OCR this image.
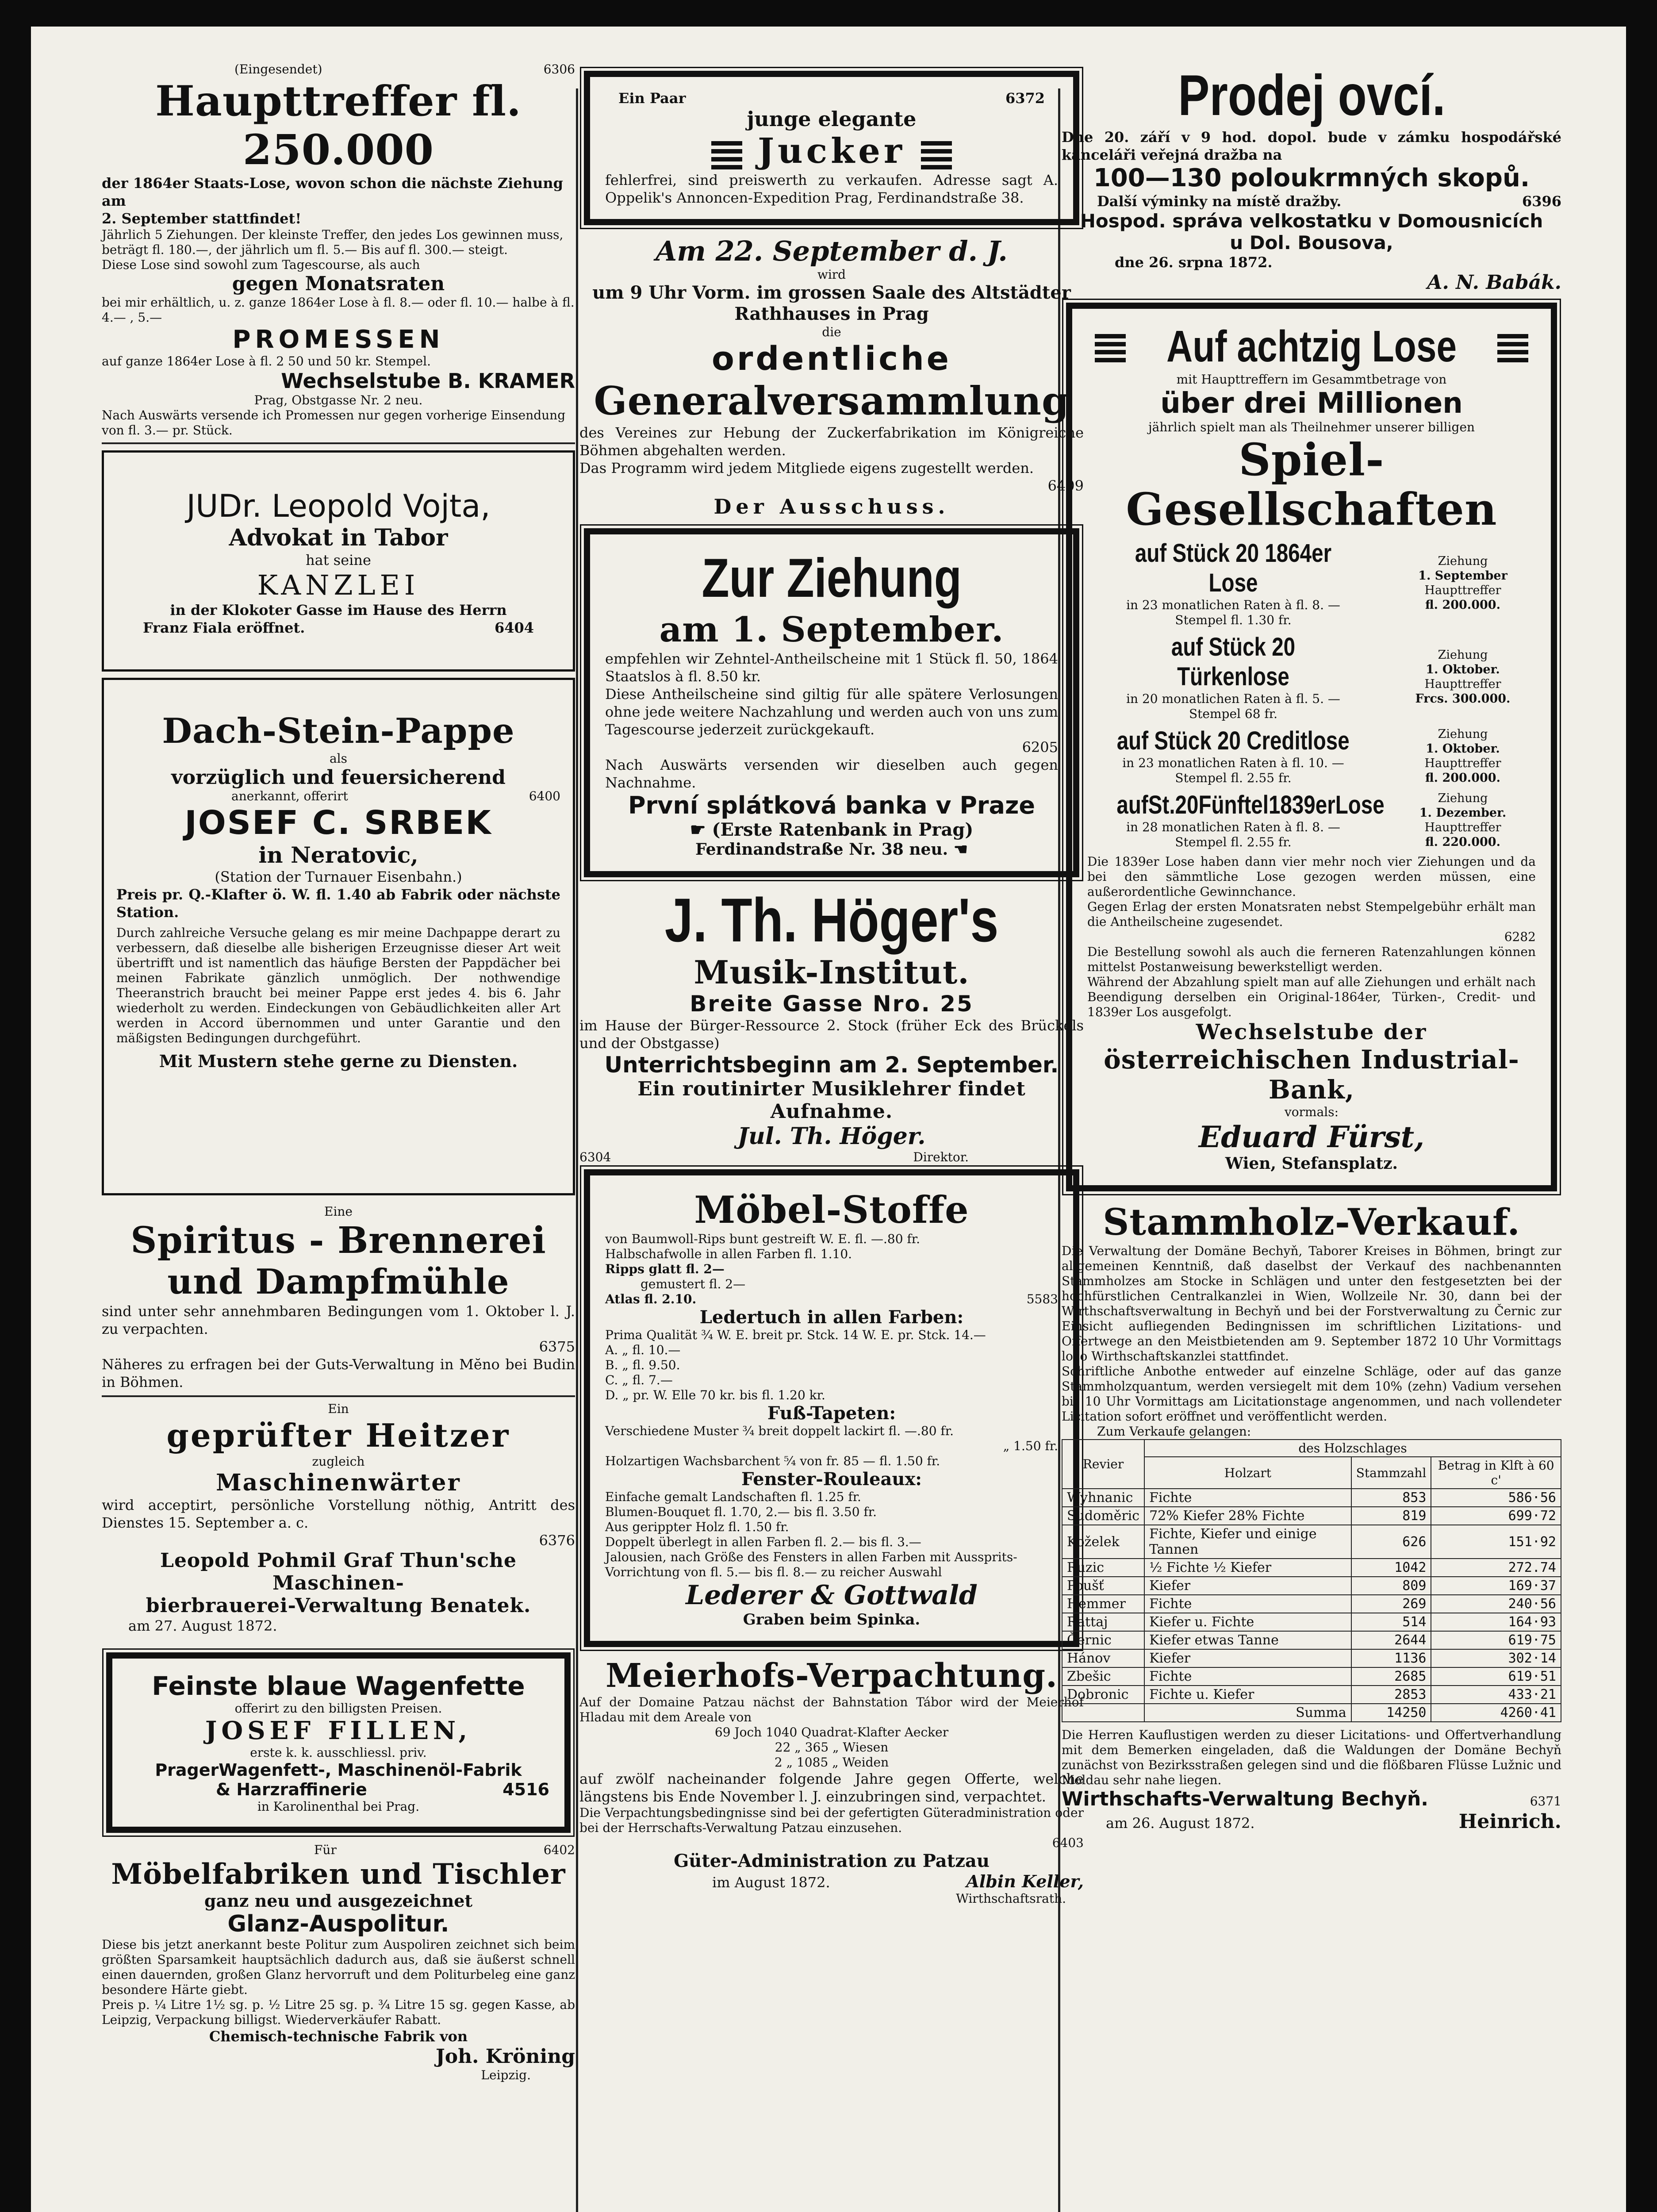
(Eingesendet)	6306
Haupttreffer fl. 250.000
der 1864er Staats-Lose, wovon schon die nächste Ziehung am
2. September stattfindet!
Jährlich 5 Ziehungen. Der kleinste Treffer, den jedes Los gewinnen muss, beträgt fl. 180.—, der jährlich um fl. 5.— Bis auf fl. 300.— steigt.
Diese Lose sind sowohl zum Tagescourse, als auch
gegen Monatsraten
bei mir erhältlich, u. z. ganze 1864er Lose à fl. 8.— oder fl. 10.— halbe à fl. 4.— , 5.—
PROMESSEN
auf ganze 1864er Lose à fl. 2 50 und 50 kr. Stempel.
Wechselstube B. KRAMER
Prag, Obstgasse Nr. 2 neu.
Nach Auswärts versende ich Promessen nur gegen vorherige Einsendung von fl. 3.— pr. Stück.
JUDr. Leopold Vojta,
Advokat in Tabor
hat seine
KANZLEI
in der Klokoter Gasse im Hause des Herrn
Franz Fiala eröffnet.	6404
Dach-Stein-Pappe
als
vorzüglich und feuersicherend
anerkannt, offerirt	6400
JOSEF C. SRBEK
in Neratovic,
(Station der Turnauer Eisenbahn.)
Preis pr. Q.-Klafter ö. W. fl. 1.40 ab Fabrik oder nächste Station.
Durch zahlreiche Versuche gelang es mir meine Dachpappe derart zu verbessern, daß dieselbe alle bisherigen Erzeugnisse dieser Art weit übertrifft und ist namentlich das häufige Bersten der Pappdächer bei meinen Fabrikate gänzlich unmöglich. Der nothwendige Theeranstrich braucht bei meiner Pappe erst jedes 4. bis 6. Jahr wiederholt zu werden. Eindeckungen von Gebäudlichkeiten aller Art werden in Accord übernommen und unter Garantie und den mäßigsten Bedingungen durchgeführt.
Mit Mustern stehe gerne zu Diensten.
Eine
Spiritus - Brennerei
und Dampfmühle
sind unter sehr annehmbaren Bedingungen vom 1. Oktober l. J. zu verpachten.
6375
Näheres zu erfragen bei der Guts-Verwaltung in Mĕno bei Budin in Böhmen.
Ein
geprüfter Heitzer
zugleich
Maschinenwärter
wird acceptirt, persönliche Vorstellung nöthig, Antritt des Dienstes 15. September a. c.
6376
Leopold Pohmil Graf Thun'sche Maschinen-
bierbrauerei-Verwaltung Benatek.
am 27. August 1872.
Feinste blaue Wagenfette
offerirt zu den billigsten Preisen.
JOSEF FILLEN,
erste k. k. ausschliessl. priv.
PragerWagenfett-, Maschinenöl-Fabrik
& Harzraffinerie	4516
in Karolinenthal bei Prag.
Für	6402
Möbelfabriken und Tischler
ganz neu und ausgezeichnet
Glanz-Auspolitur.
Diese bis jetzt anerkannt beste Politur zum Auspoliren zeichnet sich beim größten Sparsamkeit hauptsächlich dadurch aus, daß sie äußerst schnell einen dauernden, großen Glanz hervorruft und dem Politurbeleg eine ganz besondere Härte giebt.
Preis p. ¼ Litre 1½ sg. p. ½ Litre 25 sg. p. ¾ Litre 15 sg. gegen Kasse, ab Leipzig, Verpackung billigst. Wiederverkäufer Rabatt.
Chemisch-technische Fabrik von
Joh. Kröning
Leipzig.
Ein Paar	6372
junge elegante
Jucker
fehlerfrei, sind preiswerth zu verkaufen. Adresse sagt A. Oppelik's Annoncen-Expedition Prag, Ferdinandstraße 38.
Am 22. September d. J.
wird
um 9 Uhr Vorm. im grossen Saale des Altstädter Rathhauses in Prag
die
ordentliche
Generalversammlung
des Vereines zur Hebung der Zuckerfabrikation im Königreiche Böhmen abgehalten werden.
Das Programm wird jedem Mitgliede eigens zugestellt werden.
6409
Der Ausschuss.
Zur Ziehung
am 1. September.
empfehlen wir Zehntel-Antheilscheine mit 1 Stück fl. 50, 1864 Staatslos à fl. 8.50 kr.
Diese Antheilscheine sind giltig für alle spätere Verlosungen ohne jede weitere Nachzahlung und werden auch von uns zum Tagescourse jederzeit zurückgekauft.
6205
Nach Auswärts versenden wir dieselben auch gegen Nachnahme.
První splátková banka v Praze
☛ (Erste Ratenbank in Prag)
Ferdinandstraße Nr. 38 neu. ☚
J. Th. Höger's
Musik-Institut.
Breite Gasse Nro. 25
im Hause der Bürger-Ressource 2. Stock (früher Eck des Brückels und der Obstgasse)
Unterrichtsbeginn am 2. September.
Ein routinirter Musiklehrer findet Aufnahme.
Jul. Th. Höger.
6304	Direktor.
Möbel-Stoffe
von Baumwoll-Rips bunt gestreift W. E. fl. —.80 fr.
Halbschafwolle in allen Farben fl. 1.10.
Ripps glatt fl. 2—
gemustert fl. 2—
Atlas fl. 2.10.	5583
Ledertuch in allen Farben:
Prima Qualität ¾ W. E. breit pr. Stck. 14 W. E. pr. Stck. 14.—
A. „ fl. 10.—
B. „ fl. 9.50.
C. „ fl. 7.—
D. „ pr. W. Elle 70 kr. bis fl. 1.20 kr.
Fuß-Tapeten:
Verschiedene Muster ¾ breit doppelt lackirt fl. —.80 fr.
„ 1.50 fr.
Holzartigen Wachsbarchent ⁵⁄₄ von fr. 85 — fl. 1.50 fr.
Fenster-Rouleaux:
Einfache gemalt Landschaften fl. 1.25 fr.
Blumen-Bouquet fl. 1.70, 2.— bis fl. 3.50 fr.
Aus gerippter Holz fl. 1.50 fr.
Doppelt überlegt in allen Farben fl. 2.— bis fl. 3.—
Jalousien, nach Größe des Fensters in allen Farben mit Aussprits-Vorrichtung von fl. 5.— bis fl. 8.— zu reicher Auswahl
Lederer & Gottwald
Graben beim Spinka.
Meierhofs-Verpachtung.
Auf der Domaine Patzau nächst der Bahnstation Tábor wird der Meierhof Hladau mit dem Areale von
69 Joch 1040 Quadrat-Klafter Aecker
22 „ 365 „ Wiesen
2 „ 1085 „ Weiden
auf zwölf nacheinander folgende Jahre gegen Offerte, welche längstens bis Ende November l. J. einzubringen sind, verpachtet.
Die Verpachtungsbedingnisse sind bei der gefertigten Güteradministration oder bei der Herrschafts-Verwaltung Patzau einzusehen.
6403
Güter-Administration zu Patzau
im August 1872.	Albin Keller,
Wirthschaftsrath.
Prodej ovcí.
Dne 20. září v 9 hod. dopol. bude v zámku hospodářské kanceláři veřejná dražba na
100—130 poloukrmných skopů.
Další výminky na místě dražby.	6396
Hospod. správa velkostatku v Domousnicích
u Dol. Bousova,
dne 26. srpna 1872.
A. N. Babák.
Auf achtzig Lose
mit Haupttreffern im Gesammtbetrage von
über drei Millionen
jährlich spielt man als Theilnehmer unserer billigen
Spiel-
Gesellschaften
auf Stück 20 1864er Lose
in 23 monatlichen Raten à fl. 8. —
Stempel fl. 1.30 fr.
Ziehung
1. September
Haupttreffer
fl. 200.000.
auf Stück 20 Türkenlose
in 20 monatlichen Raten à fl. 5. —
Stempel 68 fr.
Ziehung
1. Oktober.
Haupttreffer
Frcs. 300.000.
auf Stück 20 Creditlose
in 23 monatlichen Raten à fl. 10. —
Stempel fl. 2.55 fr.
Ziehung
1. Oktober.
Haupttreffer
fl. 200.000.
aufSt.20Fünftel1839erLose
in 28 monatlichen Raten à fl. 8. —
Stempel fl. 2.55 fr.
Ziehung
1. Dezember.
Haupttreffer
fl. 220.000.
Die 1839er Lose haben dann vier mehr noch vier Ziehungen und da bei den sämmtliche Lose gezogen werden müssen, eine außerordentliche Gewinnchance.
Gegen Erlag der ersten Monatsraten nebst Stempelgebühr erhält man die Antheilscheine zugesendet.
6282
Die Bestellung sowohl als auch die ferneren Ratenzahlungen können mittelst Postanweisung bewerkstelligt werden.
Während der Abzahlung spielt man auf alle Ziehungen und erhält nach Beendigung derselben ein Original-1864er, Türken-, Credit- und 1839er Los ausgefolgt.
Wechselstube der
österreichischen Industrial-Bank,
vormals:
Eduard Fürst,
Wien, Stefansplatz.
Stammholz-Verkauf.
Die Verwaltung der Domäne Bechyň, Taborer Kreises in Böhmen, bringt zur allgemeinen Kenntniß, daß daselbst der Verkauf des nachbenannten Stammholzes am Stocke in Schlägen und unter den festgesetzten bei der hochfürstlichen Centralkanzlei in Wien, Wollzeile Nr. 30, dann bei der Wirthschaftsverwaltung in Bechyň und bei der Forstverwaltung zu Černic zur Einsicht aufliegenden Bedingnissen im schriftlichen Lizitations- und Offertwege an den Meistbietenden am 9. September 1872 10 Uhr Vormittags loco Wirthschaftskanzlei stattfindet.
Schriftliche Anbothe entweder auf einzelne Schläge, oder auf das ganze Stammholzquantum, werden versiegelt mit dem 10% (zehn) Vadium versehen bis 10 Uhr Vormittags am Licitationstage angenommen, und nach vollendeter Licitation sofort eröffnet und veröffentlicht werden.
Zum Verkaufe gelangen:
Revier	des Holzschlages		
	Holzart	Stammzahl	Betrag in Klft à 60 c'
Wyhnanic	Fichte	853	586·56
Sudoměric	72% Kiefer 28% Fichte	819	699·72
Koželek	Fichte, Kiefer und einige Tannen	626	151·92
Ruzic	½ Fichte ½ Kiefer	1042	272.74
Poušť	Kiefer	809	169·37
Hemmer	Fichte	269	240·56
Rattaj	Kiefer u. Fichte	514	164·93
Černic	Kiefer etwas Tanne	2644	619·75
Hánov	Kiefer	1136	302·14
Zbešic	Fichte	2685	619·51
Dobronic	Fichte u. Kiefer	2853	433·21
	Summa	14250	4260·41
Die Herren Kauflustigen werden zu dieser Licitations- und Offertverhandlung mit dem Bemerken eingeladen, daß die Waldungen der Domäne Bechyň zunächst von Bezirksstraßen gelegen sind und die flößbaren Flüsse Lužnic und Moldau sehr nahe liegen.
Wirthschafts-Verwaltung Bechyň.	6371
am 26. August 1872.	Heinrich.
